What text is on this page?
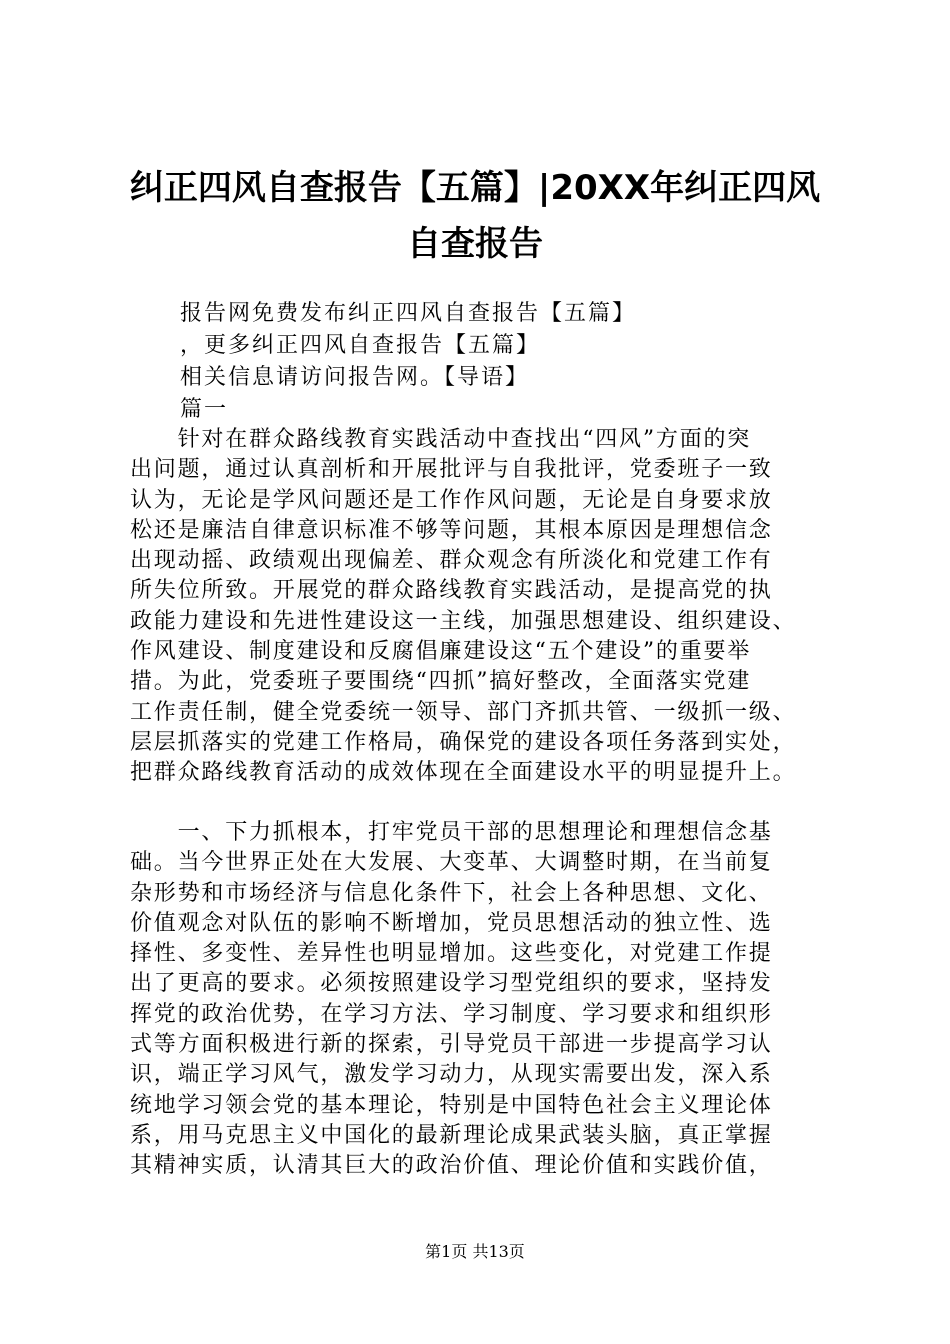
纠正四风自查报告【五篇】|20XX年纠正四风
自查报告
报告网免费发布纠正四风自查报告【五篇】
，更多纠正四风自查报告【五篇】
相关信息请访问报告网。【导语】
篇一
　　针对在群众路线教育实践活动中查找出“四风”方面的突
出问题，通过认真剖析和开展批评与自我批评，党委班子一致
认为，无论是学风问题还是工作作风问题，无论是自身要求放
松还是廉洁自律意识标准不够等问题，其根本原因是理想信念
出现动摇、政绩观出现偏差、群众观念有所淡化和党建工作有
所失位所致。开展党的群众路线教育实践活动，是提高党的执
政能力建设和先进性建设这一主线，加强思想建设、组织建设、
作风建设、制度建设和反腐倡廉建设这“五个建设”的重要举
措。为此，党委班子要围绕“四抓”搞好整改，全面落实党建
工作责任制，健全党委统一领导、部门齐抓共管、一级抓一级、
层层抓落实的党建工作格局，确保党的建设各项任务落到实处，
把群众路线教育活动的成效体现在全面建设水平的明显提升上。
　　一、下力抓根本，打牢党员干部的思想理论和理想信念基
础。当今世界正处在大发展、大变革、大调整时期，在当前复
杂形势和市场经济与信息化条件下，社会上各种思想、文化、
价值观念对队伍的影响不断增加，党员思想活动的独立性、选
择性、多变性、差异性也明显增加。这些变化，对党建工作提
出了更高的要求。必须按照建设学习型党组织的要求，坚持发
挥党的政治优势，在学习方法、学习制度、学习要求和组织形
式等方面积极进行新的探索，引导党员干部进一步提高学习认
识，端正学习风气，激发学习动力，从现实需要出发，深入系
统地学习领会党的基本理论，特别是中国特色社会主义理论体
系，用马克思主义中国化的最新理论成果武装头脑，真正掌握
其精神实质，认清其巨大的政治价值、理论价值和实践价值，
第1页 共13页
